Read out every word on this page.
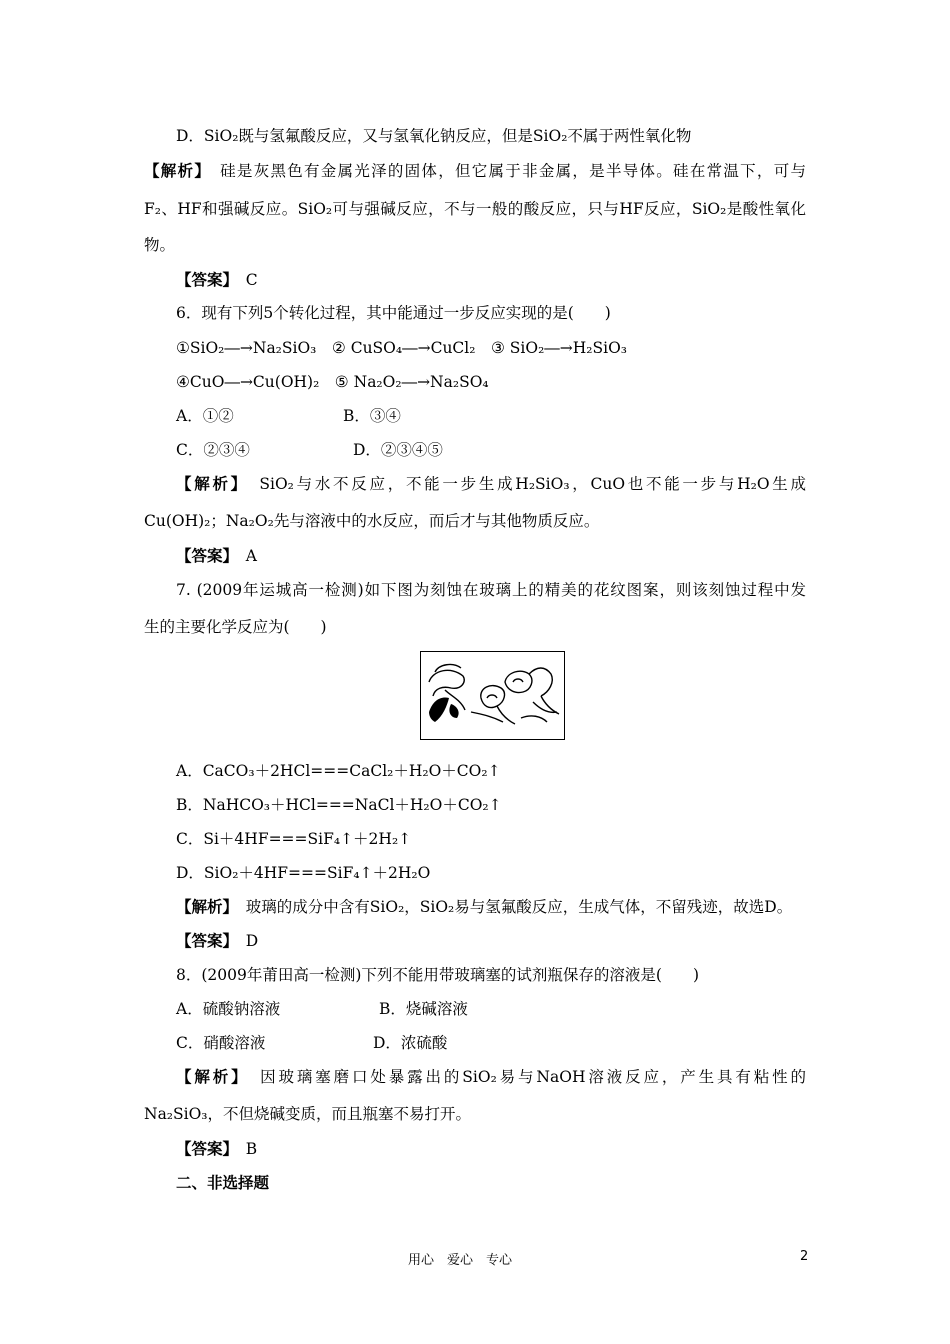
D．SiO₂既与氢氟酸反应，又与氢氧化钠反应，但是SiO₂不属于两性氧化物
【解析】　 硅是灰黑色有金属光泽的固体，但它属于非金属，是半导体。硅在常温下，可与
F₂、HF和强碱反应。SiO₂可与强碱反应，不与一般的酸反应，只与HF反应，SiO₂是酸性氧化
物。
【答案】　 C
6．现有下列5个转化过程，其中能通过一步反应实现的是(　　)
①SiO₂―→Na₂SiO₃　② CuSO₄―→CuCl₂　③ SiO₂―→H₂SiO₃
④CuO―→Cu(OH)₂　⑤ Na₂O₂―→Na₂SO₄
A．①②	B．③④
C．②③④	D．②③④⑤
【解析】　 SiO₂与水不反应，不能一步生成H₂SiO₃，CuO也不能一步与H₂O生成
Cu(OH)₂；Na₂O₂先与溶液中的水反应，而后才与其他物质反应。
【答案】　 A
7. (2009年运城高一检测)如下图为刻蚀在玻璃上的精美的花纹图案，则该刻蚀过程中发
生的主要化学反应为(　　)
A．CaCO₃＋2HCl===CaCl₂＋H₂O＋CO₂↑
B．NaHCO₃＋HCl===NaCl＋H₂O＋CO₂↑
C．Si＋4HF===SiF₄↑＋2H₂↑
D．SiO₂＋4HF===SiF₄↑＋2H₂O
【解析】　 玻璃的成分中含有SiO₂，SiO₂易与氢氟酸反应，生成气体，不留残迹，故选D。
【答案】　 D
8．(2009年莆田高一检测)下列不能用带玻璃塞的试剂瓶保存的溶液是(　　)
A．硫酸钠溶液	B．烧碱溶液
C．硝酸溶液	D．浓硫酸
【解析】　 因玻璃塞磨口处暴露出的SiO₂易与NaOH溶液反应，产生具有粘性的
Na₂SiO₃，不但烧碱变质，而且瓶塞不易打开。
【答案】　 B
二、非选择题
用心　爱心　专心	2
